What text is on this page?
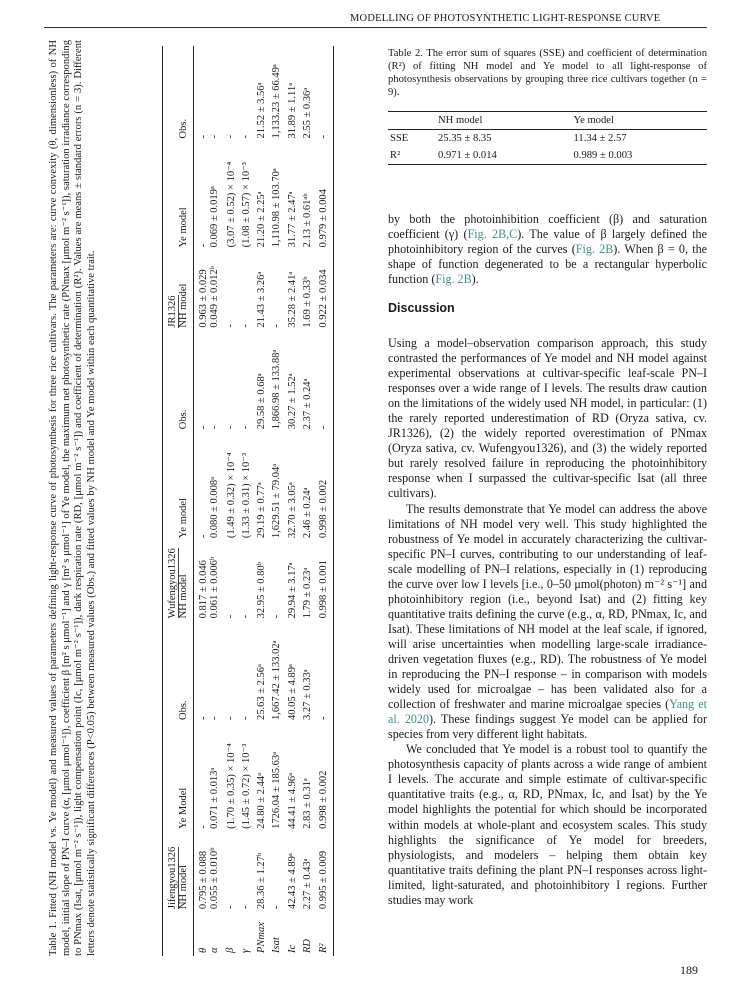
MODELLING OF PHOTOSYNTHETIC LIGHT-RESPONSE CURVE
Table 1. Fitted (NH model vs. Ye model) and measured values of parameters defining light-response curve of photosynthesis for three rice cultivars. The parameters are: curve convexity (θ, dimensionless) of NH model, initial slope of PN–I curve (α, [μmol μmol⁻¹]), coefficient β [m² s μmol⁻¹] and γ [m² s μmol⁻¹] of Ye model, the maximum net photosynthetic rate (PNmax [μmol m⁻² s⁻¹]), saturation irradiance corresponding to PNmax (Isat, [μmol m⁻² s⁻¹]), light compensation point (Ic, [μmol m⁻² s⁻¹]), dark respiration rate (RD, [μmol m⁻² s⁻¹]) and coefficient of determination (R²). Values are means ± standard errors (n = 3). Different letters denote statistically significant differences (P<0.05) between measured values (Obs.) and fitted values by NH model and Ye model within each quantitative trait.
		Jifengyou1326			Wufengyou1326			JR1326		
	NH model	Ye Model	Obs.	NH model	Ye model	Obs.	NH model	Ye model	Obs.
θ	0.795 ± 0.088	-	-	0.817 ± 0.046	-	-	0.963 ± 0.029	-	-
α	0.055 ± 0.010ᵇ	0.071 ± 0.013ᵃ	-	0.061 ± 0.006ᵇ	0.080 ± 0.008ᵃ	-	0.049 ± 0.012ᵇ	0.069 ± 0.019ᵃ	-
β	-	(1.70 ± 0.35) × 10⁻⁴	-	-	(1.49 ± 0.32) × 10⁻⁴	-	-	(3.07 ± 0.52) × 10⁻⁴	-
γ	-	(1.45 ± 0.72) × 10⁻³	-	-	(1.33 ± 0.31) × 10⁻³	-	-	(1.08 ± 0.57) × 10⁻³	-
PNmax	28.36 ± 1.27ᵇ	24.80 ± 2.44ᵃ	25.63 ± 2.56ᵃ	32.95 ± 0.80ᵇ	29.19 ± 0.77ᵃ	29.58 ± 0.68ᵃ	21.43 ± 3.26ᵃ	21.20 ± 2.25ᵃ	21.52 ± 3.56ᵃ
Isat	-	1726.04 ± 185.63ᵃ	1,667.42 ± 133.02ᵃ	-	1,629.51 ± 79.04ᵃ	1,866.98 ± 133.88ᵃ	-	1,110.98 ± 103.70ᵃ	1,133.23 ± 66.49ᵃ
Ic	42.43 ± 4.89ᵃ	44.41 ± 4.96ᵃ	40.05 ± 4.89ᵃ	29.94 ± 3.17ᵃ	32.70 ± 3.05ᵃ	30.27 ± 1.52ᵃ	35.28 ± 2.41ᵃ	31.77 ± 2.47ᵃ	31.89 ± 1.11ᵃ
RD	2.27 ± 0.43ᵃ	2.83 ± 0.31ᵃ	3.27 ± 0.33ᵃ	1.79 ± 0.23ᵃ	2.46 ± 0.24ᵃ	2.37 ± 0.24ᵃ	1.69 ± 0.33ᵇ	2.13 ± 0.61ᵃᵇ	2.55 ± 0.36ᵃ
R²	0.995 ± 0.009	0.998 ± 0.002	-	0.998 ± 0.001	0.998 ± 0.002	-	0.922 ± 0.034	0.979 ± 0.004	-
Table 2. The error sum of squares (SSE) and coefficient of determination (R²) of fitting NH model and Ye model to all light-response of photosynthesis observations by grouping three rice cultivars together (n = 9).
	NH model	Ye model
SSE	25.35 ± 8.35	11.34 ± 2.57
R²	0.971 ± 0.014	0.989 ± 0.003

by both the photoinhibition coefficient (β) and saturation coefficient (γ) (Fig. 2B,C). The value of β largely defined the photoinhibitory region of the curves (Fig. 2B). When β = 0, the shape of function degenerated to be a rectangular hyperbolic function (Fig. 2B).

Discussion

Using a model–observation comparison approach, this study contrasted the performances of Ye model and NH model against experimental observations at cultivar-specific leaf-scale PN–I responses over a wide range of I levels. The results draw caution on the limitations of the widely used NH model, in particular: (1) the rarely reported underestimation of RD (Oryza sativa, cv. JR1326), (2) the widely reported overestimation of PNmax (Oryza sativa, cv. Wufengyou1326), and (3) the widely reported but rarely resolved failure in reproducing the photoinhibitory response when I surpassed the cultivar-specific Isat (all three cultivars).

The results demonstrate that Ye model can address the above limitations of NH model very well. This study highlighted the robustness of Ye model in accurately characterizing the cultivar-specific PN–I curves, contributing to our understanding of leaf-scale modelling of PN–I relations, especially in (1) reproducing the curve over low I levels [i.e., 0–50 μmol(photon) m⁻² s⁻¹] and photoinhibitory region (i.e., beyond Isat) and (2) fitting key quantitative traits defining the curve (e.g., α, RD, PNmax, Ic, and Isat). These limitations of NH model at the leaf scale, if ignored, will arise uncertainties when modelling large-scale irradiance-driven vegetation fluxes (e.g., RD). The robustness of Ye model in reproducing the PN–I response – in comparison with models widely used for microalgae – has been validated also for a collection of freshwater and marine microalgae species (Yang et al. 2020). These findings suggest Ye model can be applied for species from very different light habitats.

We concluded that Ye model is a robust tool to quantify the photosynthesis capacity of plants across a wide range of ambient I levels. The accurate and simple estimate of cultivar-specific quantitative traits (e.g., α, RD, PNmax, Ic, and Isat) by the Ye model highlights the potential for which should be incorporated within models at whole-plant and ecosystem scales. This study highlights the significance of Ye model for breeders, physiologists, and modelers – helping them obtain key quantitative traits defining the plant PN–I responses across light-limited, light-saturated, and photoinhibitory I regions. Further studies may work

189
